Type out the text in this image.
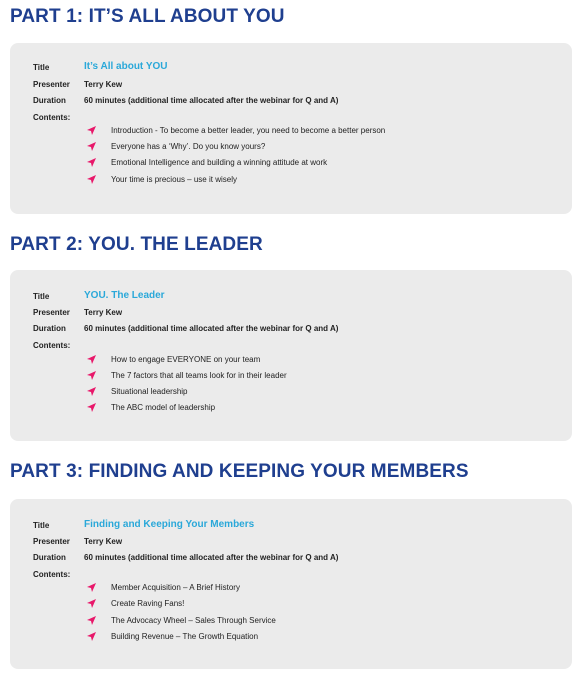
PART 1: IT’S ALL ABOUT YOU
Title	It’s All about YOU
Presenter	Terry Kew
Duration	60 minutes (additional time allocated after the webinar for Q and A)
Contents:
Introduction - To become a better leader, you need to become a better person
Everyone has a ‘Why’. Do you know yours?
Emotional Intelligence and building a winning attitude at work
Your time is precious – use it wisely
PART 2: YOU. THE LEADER
Title	YOU. The Leader
Presenter	Terry Kew
Duration	60 minutes (additional time allocated after the webinar for Q and A)
Contents:
How to engage EVERYONE on your team
The 7 factors that all teams look for in their leader
Situational leadership
The ABC model of leadership
PART 3: FINDING AND KEEPING YOUR MEMBERS
Title	Finding and Keeping Your Members
Presenter	Terry Kew
Duration	60 minutes (additional time allocated after the webinar for Q and A)
Contents:
Member Acquisition – A Brief History
Create Raving Fans!
The Advocacy Wheel – Sales Through Service
Building Revenue – The Growth Equation
